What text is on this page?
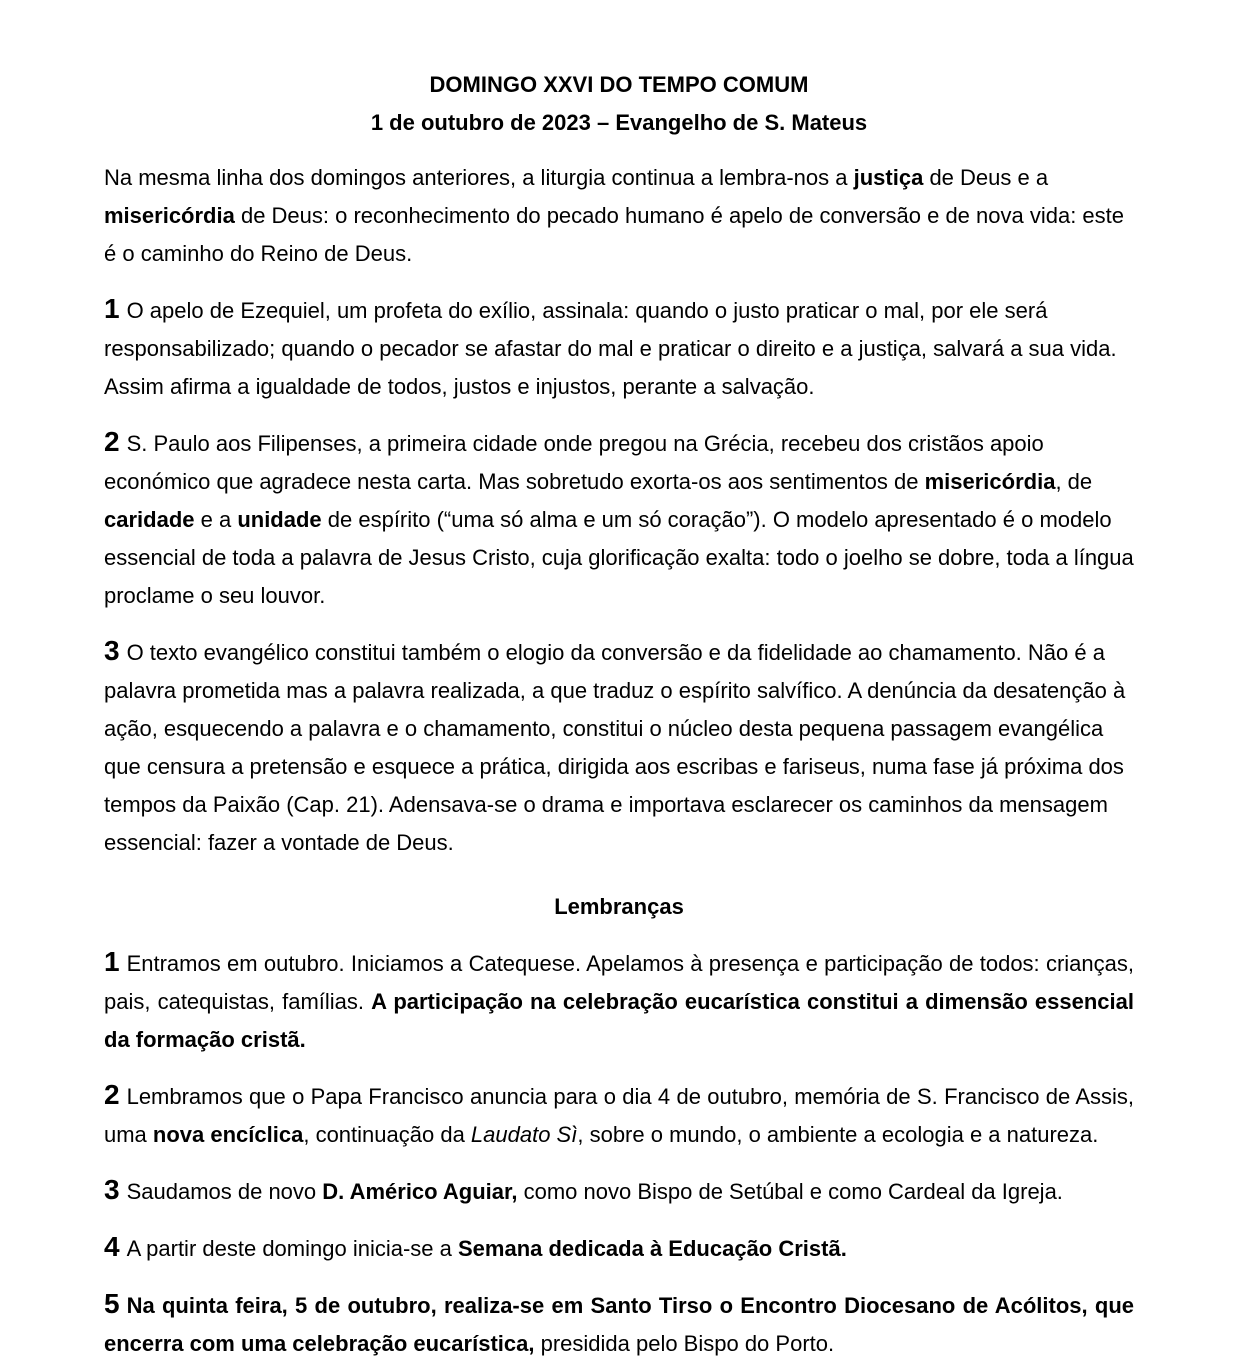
DOMINGO XXVI DO TEMPO COMUM
1 de outubro de 2023 – Evangelho de S. Mateus

Na mesma linha dos domingos anteriores, a liturgia continua a lembra-nos a justiça de Deus e a misericórdia de Deus: o reconhecimento do pecado humano é apelo de conversão e de nova vida: este é o caminho do Reino de Deus.

1 O apelo de Ezequiel, um profeta do exílio, assinala: quando o justo praticar o mal, por ele será responsabilizado; quando o pecador se afastar do mal e praticar o direito e a justiça, salvará a sua vida. Assim afirma a igualdade de todos, justos e injustos, perante a salvação.

2 S. Paulo aos Filipenses, a primeira cidade onde pregou na Grécia, recebeu dos cristãos apoio económico que agradece nesta carta. Mas sobretudo exorta-os aos sentimentos de misericórdia, de caridade e a unidade de espírito (“uma só alma e um só coração”). O modelo apresentado é o modelo essencial de toda a palavra de Jesus Cristo, cuja glorificação exalta: todo o joelho se dobre, toda a língua proclame o seu louvor.

3 O texto evangélico constitui também o elogio da conversão e da fidelidade ao chamamento. Não é a palavra prometida mas a palavra realizada, a que traduz o espírito salvífico. A denúncia da desatenção à ação, esquecendo a palavra e o chamamento, constitui o núcleo desta pequena passagem evangélica que censura a pretensão e esquece a prática, dirigida aos escribas e fariseus, numa fase já próxima dos tempos da Paixão (Cap. 21). Adensava-se o drama e importava esclarecer os caminhos da mensagem essencial: fazer a vontade de Deus.

Lembranças

1 Entramos em outubro. Iniciamos a Catequese. Apelamos à presença e participação de todos: crianças, pais, catequistas, famílias. A participação na celebração eucarística constitui a dimensão essencial da formação cristã.

2 Lembramos que o Papa Francisco anuncia para o dia 4 de outubro, memória de S. Francisco de Assis, uma nova encíclica, continuação da Laudato Sì, sobre o mundo, o ambiente a ecologia e a natureza.

3 Saudamos de novo D. Américo Aguiar, como novo Bispo de Setúbal e como Cardeal da Igreja.

4 A partir deste domingo inicia-se a Semana dedicada à Educação Cristã.

5 Na quinta feira, 5 de outubro, realiza-se em Santo Tirso o Encontro Diocesano de Acólitos, que encerra com uma celebração eucarística, presidida pelo Bispo do Porto.
